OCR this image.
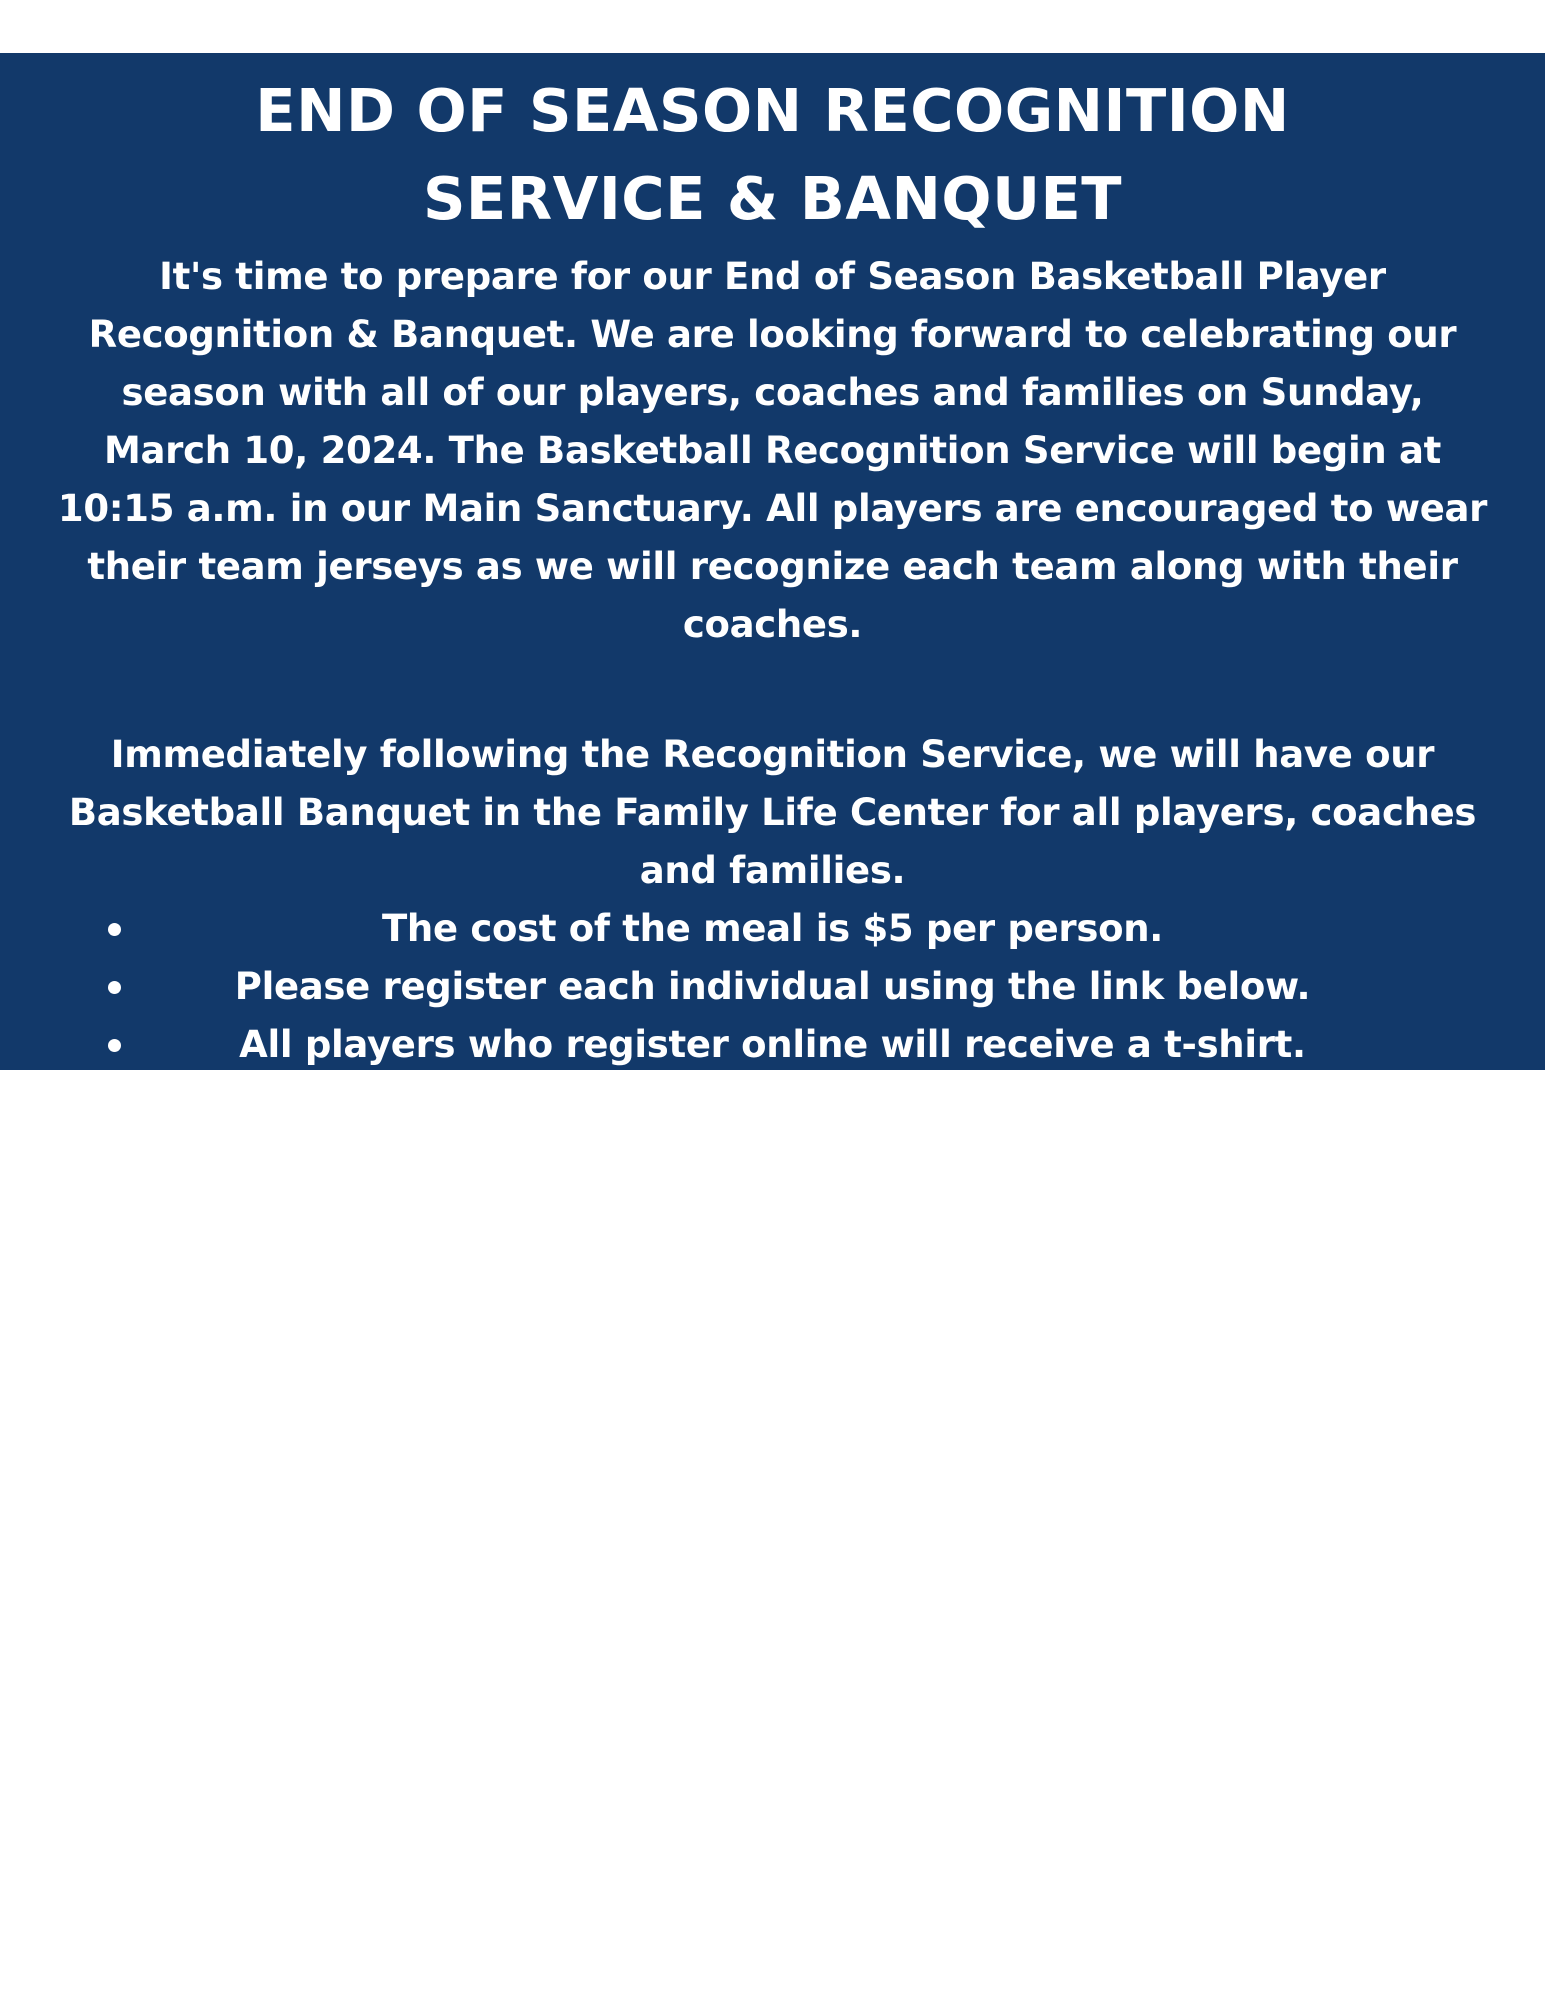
END OF SEASON RECOGNITION
SERVICE & BANQUET

It's time to prepare for our End of Season Basketball Player Recognition & Banquet. We are looking forward to celebrating our season with all of our players, coaches and families on Sunday, March 10, 2024. The Basketball Recognition Service will begin at 10:15 a.m. in our Main Sanctuary. All players are encouraged to wear their team jerseys as we will recognize each team along with their coaches.

Immediately following the Recognition Service, we will have our Basketball Banquet in the Family Life Center for all players, coaches and families.

The cost of the meal is $5 per person.
Please register each individual using the link below.
All players who register online will receive a t-shirt.
